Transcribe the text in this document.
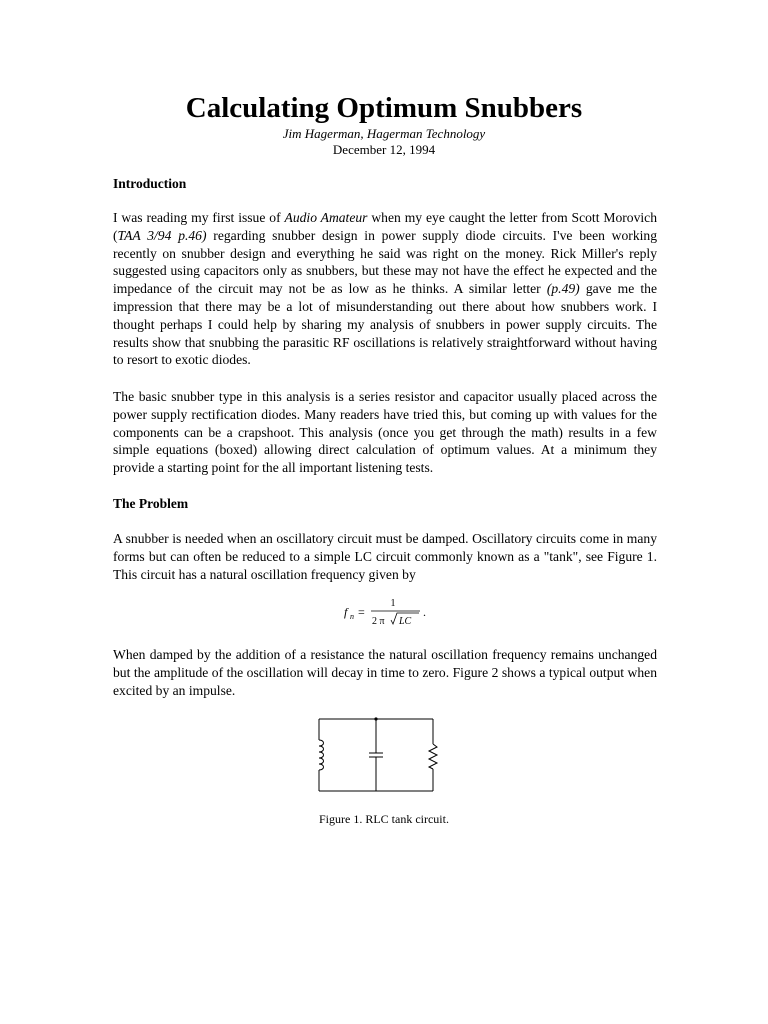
Calculating Optimum Snubbers

Jim Hagerman, Hagerman Technology

December 12, 1994

Introduction

I was reading my first issue of Audio Amateur when my eye caught the letter from Scott Morovich (TAA 3/94 p.46) regarding snubber design in power supply diode circuits. I've been working recently on snubber design and everything he said was right on the money. Rick Miller's reply suggested using capacitors only as snubbers, but these may not have the effect he expected and the impedance of the circuit may not be as low as he thinks. A similar letter (p.49) gave me the impression that there may be a lot of misunderstanding out there about how snubbers work. I thought perhaps I could help by sharing my analysis of snubbers in power supply circuits. The results show that snubbing the parasitic RF oscillations is relatively straightforward without having to resort to exotic diodes.

The basic snubber type in this analysis is a series resistor and capacitor usually placed across the power supply rectification diodes. Many readers have tried this, but coming up with values for the components can be a crapshoot. This analysis (once you get through the math) results in a few simple equations (boxed) allowing direct calculation of optimum values. At a minimum they provide a starting point for the all important listening tests.

The Problem

A snubber is needed when an oscillatory circuit must be damped. Oscillatory circuits come in many forms but can often be reduced to a simple LC circuit commonly known as a "tank", see Figure 1. This circuit has a natural oscillation frequency given by

f n =
1
2 π LC
.

When damped by the addition of a resistance the natural oscillation frequency remains unchanged but the amplitude of the oscillation will decay in time to zero. Figure 2 shows a typical output when excited by an impulse.

Figure 1. RLC tank circuit.
